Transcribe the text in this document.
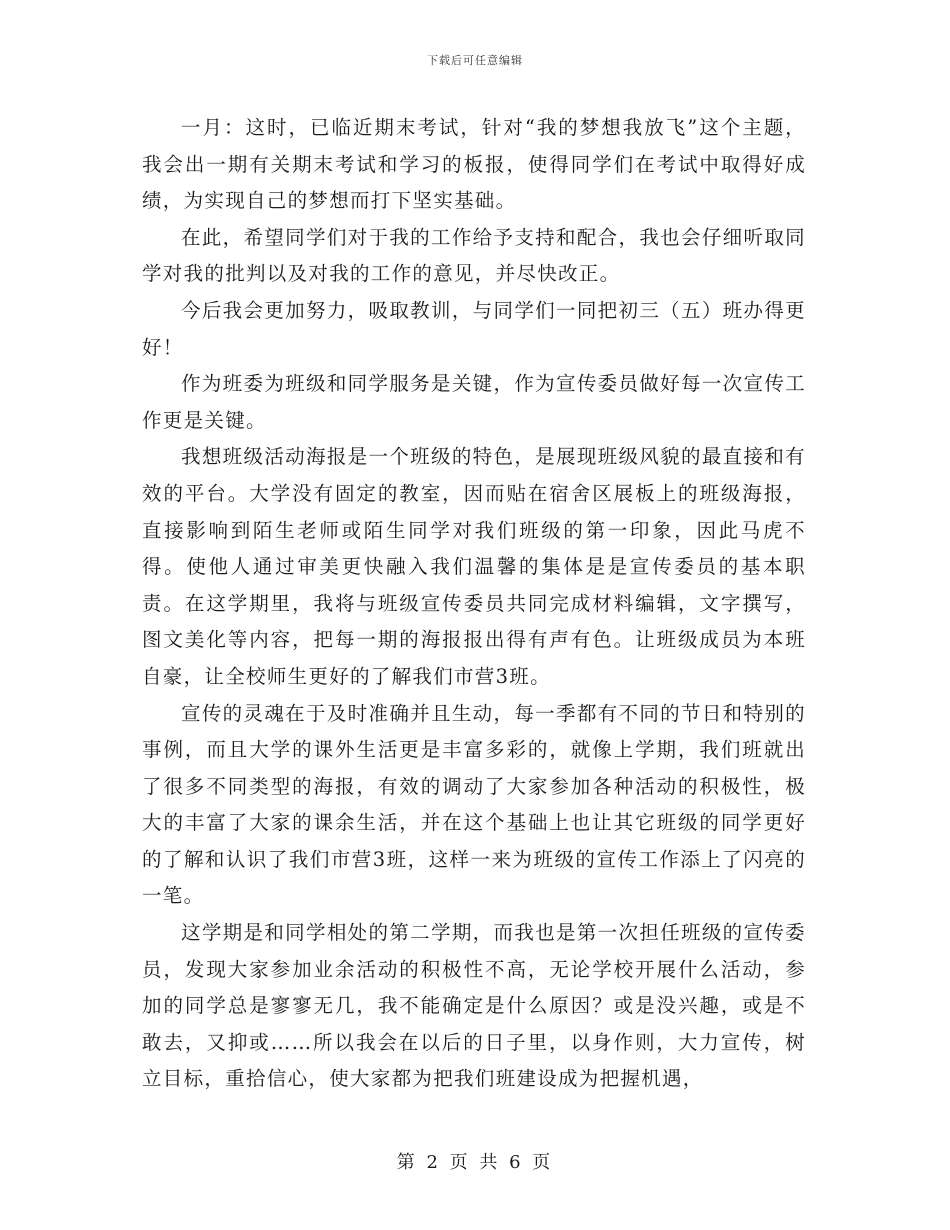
下载后可任意编辑

一月：这时，已临近期末考试，针对“我的梦想我放飞”这个主题，我会出一期有关期末考试和学习的板报，使得同学们在考试中取得好成绩，为实现自己的梦想而打下坚实基础。

在此，希望同学们对于我的工作给予支持和配合，我也会仔细听取同学对我的批判以及对我的工作的意见，并尽快改正。

今后我会更加努力，吸取教训，与同学们一同把初三（五）班办得更好！

作为班委为班级和同学服务是关键，作为宣传委员做好每一次宣传工作更是关键。

我想班级活动海报是一个班级的特色，是展现班级风貌的最直接和有效的平台。大学没有固定的教室，因而贴在宿舍区展板上的班级海报，直接影响到陌生老师或陌生同学对我们班级的第一印象，因此马虎不得。使他人通过审美更快融入我们温馨的集体是是宣传委员的基本职责。在这学期里，我将与班级宣传委员共同完成材料编辑，文字撰写，图文美化等内容，把每一期的海报报出得有声有色。让班级成员为本班自豪，让全校师生更好的了解我们市营3班。

宣传的灵魂在于及时准确并且生动，每一季都有不同的节日和特别的事例，而且大学的课外生活更是丰富多彩的，就像上学期，我们班就出了很多不同类型的海报，有效的调动了大家参加各种活动的积极性，极大的丰富了大家的课余生活，并在这个基础上也让其它班级的同学更好的了解和认识了我们市营3班，这样一来为班级的宣传工作添上了闪亮的一笔。

这学期是和同学相处的第二学期，而我也是第一次担任班级的宣传委员，发现大家参加业余活动的积极性不高，无论学校开展什么活动，参加的同学总是寥寥无几，我不能确定是什么原因？或是没兴趣，或是不敢去，又抑或……所以我会在以后的日子里，以身作则，大力宣传，树立目标，重拾信心，使大家都为把我们班建设成为把握机遇，

第 2 页 共 6 页
